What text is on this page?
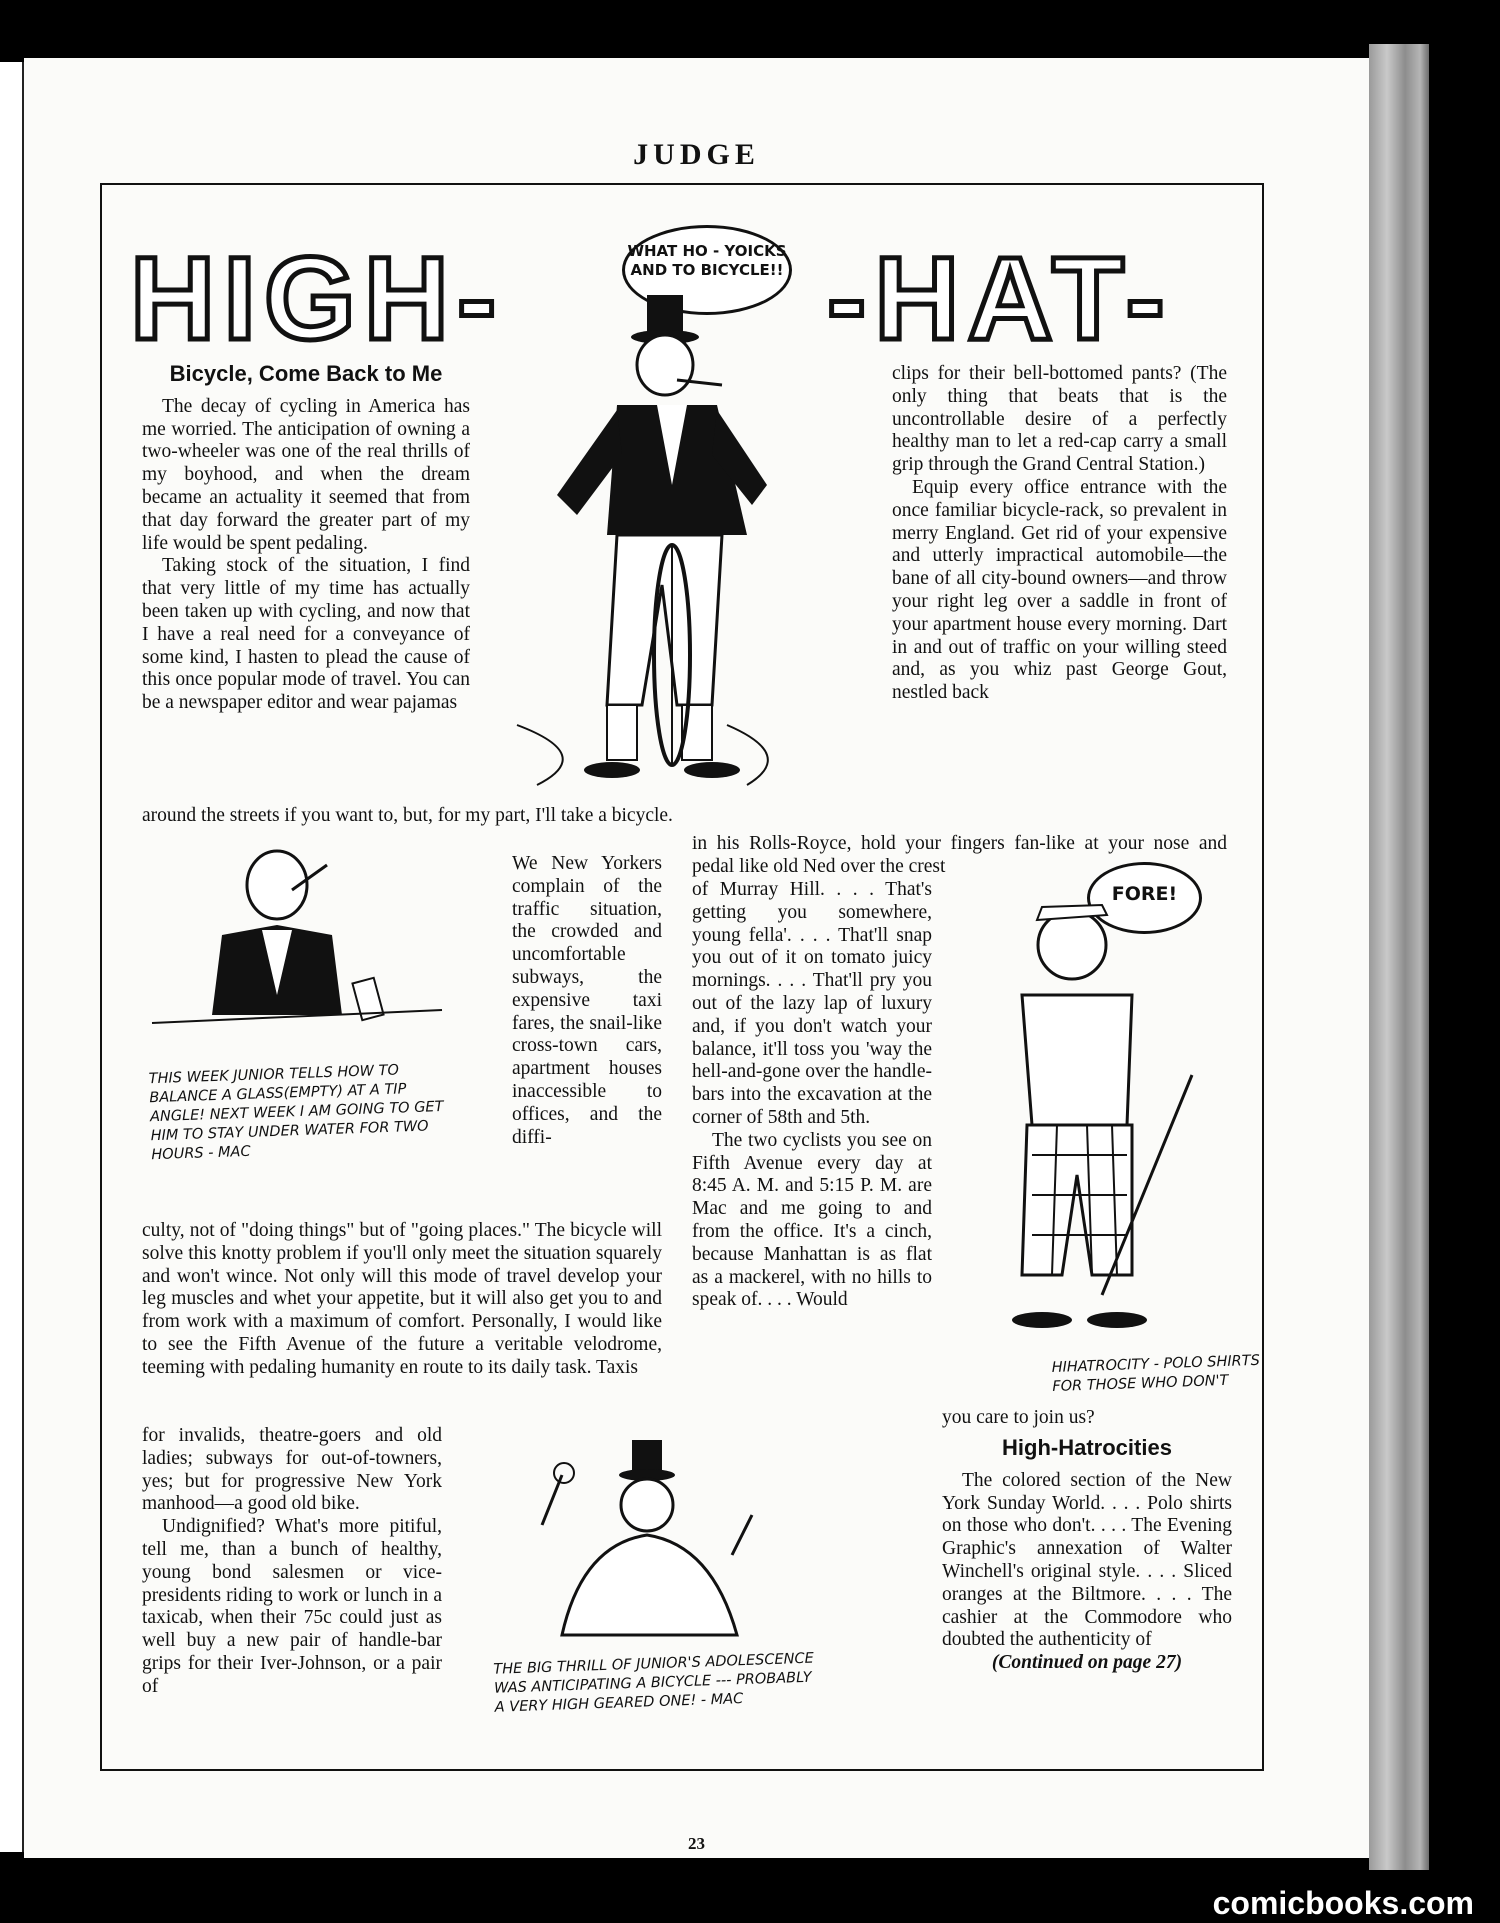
JUDGE
HIGH-	-HAT-
WHAT HO - YOICKS AND TO BICYCLE!!
Bicycle, Come Back to Me

The decay of cycling in America has me worried. The anticipation of owning a two-wheeler was one of the real thrills of my boyhood, and when the dream became an actuality it seemed that from that day forward the greater part of my life would be spent pedaling.

Taking stock of the situation, I find that very little of my time has actually been taken up with cycling, and now that I have a real need for a conveyance of some kind, I hasten to plead the cause of this once popular mode of travel. You can be a newspaper editor and wear pajamas

around the streets if you want to, but, for my part, I'll take a bicycle.

THIS WEEK JUNIOR TELLS HOW TO BALANCE A GLASS(EMPTY) AT A TIP ANGLE! NEXT WEEK I AM GOING TO GET HIM TO STAY UNDER WATER FOR TWO HOURS - MAC

We New Yorkers complain of the traffic situation, the crowded and uncomfortable subways, the expensive taxi fares, the snail-like cross-town cars, apartment houses inaccessible to offices, and the diffi-

culty, not of "doing things" but of "going places." The bicycle will solve this knotty problem if you'll only meet the situation squarely and won't wince. Not only will this mode of travel develop your leg muscles and whet your appetite, but it will also get you to and from work with a maximum of comfort. Personally, I would like to see the Fifth Avenue of the future a veritable velodrome, teeming with pedaling humanity en route to its daily task. Taxis

for invalids, theatre-goers and old ladies; subways for out-of-towners, yes; but for progressive New York manhood—a good old bike.

Undignified? What's more pitiful, tell me, than a bunch of healthy, young bond salesmen or vice-presidents riding to work or lunch in a taxicab, when their 75c could just as well buy a new pair of handle-bar grips for their Iver-Johnson, or a pair of

THE BIG THRILL OF JUNIOR'S ADOLESCENCE WAS ANTICIPATING A BICYCLE --- PROBABLY A VERY HIGH GEARED ONE! - MAC

clips for their bell-bottomed pants? (The only thing that beats that is the uncontrollable desire of a perfectly healthy man to let a red-cap carry a small grip through the Grand Central Station.)

Equip every office entrance with the once familiar bicycle-rack, so prevalent in merry England. Get rid of your expensive and utterly impractical automobile—the bane of all city-bound owners—and throw your right leg over a saddle in front of your apartment house every morning. Dart in and out of traffic on your willing steed and, as you whiz past George Gout, nestled back

in his Rolls-Royce, hold your fingers fan-like at your nose and pedal like old Ned over the crest

of Murray Hill. . . . That's getting you somewhere, young fella'. . . . That'll snap you out of it on tomato juicy mornings. . . . That'll pry you out of the lazy lap of luxury and, if you don't watch your balance, it'll toss you 'way the hell-and-gone over the handle-bars into the excavation at the corner of 58th and 5th.

The two cyclists you see on Fifth Avenue every day at 8:45 A. M. and 5:15 P. M. are Mac and me going to and from the office. It's a cinch, because Manhattan is as flat as a mackerel, with no hills to speak of. . . . Would

FORE!
HIHATROCITY - POLO SHIRTS FOR THOSE WHO DON'T

you care to join us?

High-Hatrocities

The colored section of the New York Sunday World. . . . Polo shirts on those who don't. . . . The Evening Graphic's annexation of Walter Winchell's original style. . . . Sliced oranges at the Biltmore. . . . The cashier at the Commodore who doubted the authenticity of

(Continued on page 27)

23
comicbooks.com
